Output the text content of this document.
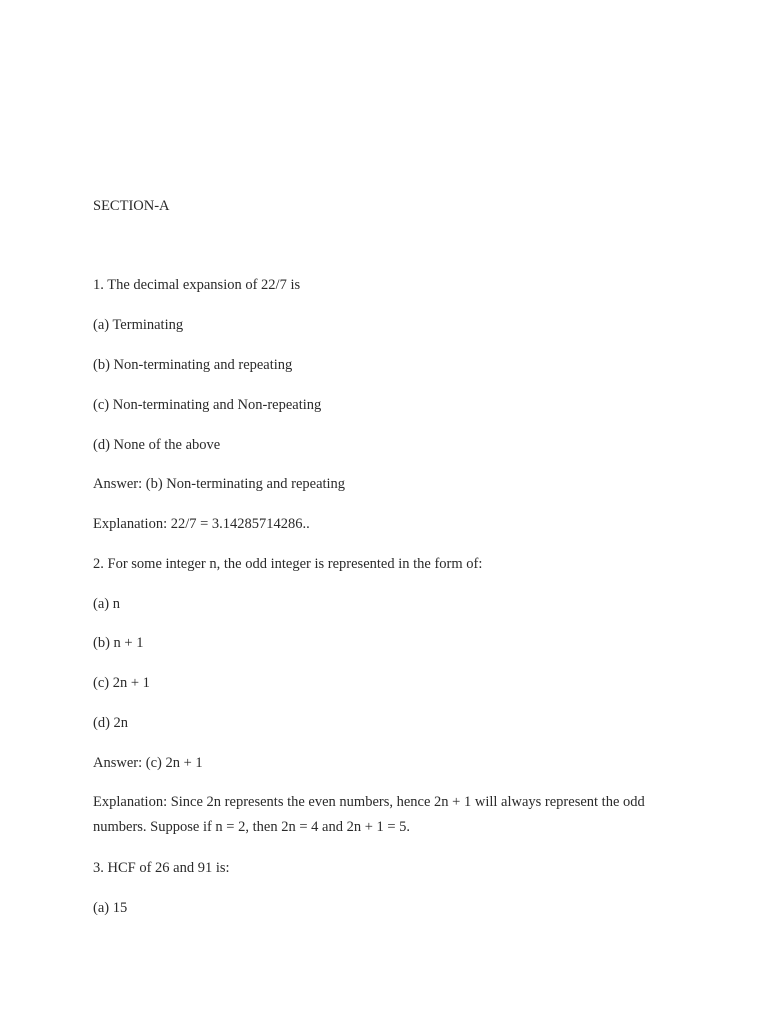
SECTION-A

1. The decimal expansion of 22/7 is

(a) Terminating

(b) Non-terminating and repeating

(c) Non-terminating and Non-repeating

(d) None of the above

Answer: (b) Non-terminating and repeating

Explanation: 22/7 = 3.14285714286..

2. For some integer n, the odd integer is represented in the form of:

(a) n

(b) n + 1

(c) 2n + 1

(d) 2n

Answer: (c) 2n + 1

Explanation: Since 2n represents the even numbers, hence 2n + 1 will always represent the odd numbers. Suppose if n = 2, then 2n = 4 and 2n + 1 = 5.

3. HCF of 26 and 91 is:

(a) 15
